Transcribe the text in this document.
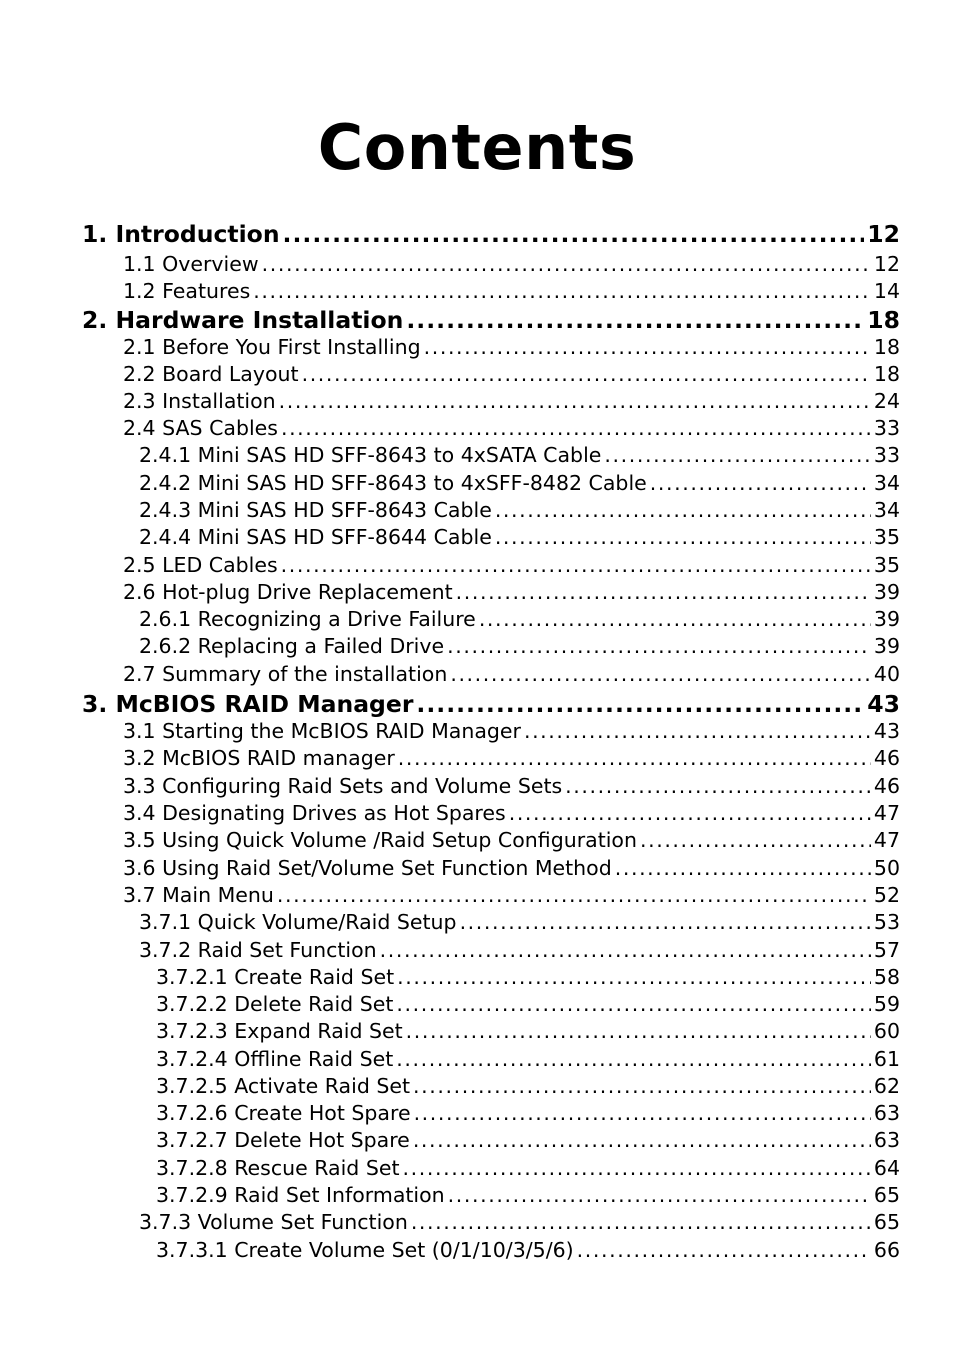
Contents
1. Introduction .....	12
1.1 Overview .....	12
1.2 Features .....	14
2. Hardware Installation .....	18
2.1 Before You First Installing .....	18
2.2 Board Layout .....	18
2.3 Installation .....	24
2.4 SAS Cables .....	33
2.4.1 Mini SAS HD SFF-8643 to 4xSATA Cable .....	33
2.4.2 Mini SAS HD SFF-8643 to 4xSFF-8482 Cable .....	34
2.4.3 Mini SAS HD SFF-8643 Cable .....	34
2.4.4 Mini SAS HD SFF-8644 Cable .....	35
2.5 LED Cables .....	35
2.6 Hot-plug Drive Replacement .....	39
2.6.1 Recognizing a Drive Failure .....	39
2.6.2 Replacing a Failed Drive .....	39
2.7 Summary of the installation .....	40
3. McBIOS RAID Manager .....	43
3.1 Starting the McBIOS RAID Manager .....	43
3.2 McBIOS RAID manager .....	46
3.3 Configuring Raid Sets and Volume Sets .....	46
3.4 Designating Drives as Hot Spares .....	47
3.5 Using Quick Volume /Raid Setup Configuration .....	47
3.6 Using Raid Set/Volume Set Function Method .....	50
3.7 Main Menu .....	52
3.7.1 Quick Volume/Raid Setup .....	53
3.7.2 Raid Set Function .....	57
3.7.2.1 Create Raid Set .....	58
3.7.2.2 Delete Raid Set .....	59
3.7.2.3 Expand Raid Set .....	60
3.7.2.4 Offline Raid Set .....	61
3.7.2.5 Activate Raid Set .....	62
3.7.2.6 Create Hot Spare .....	63
3.7.2.7 Delete Hot Spare .....	63
3.7.2.8 Rescue Raid Set .....	64
3.7.2.9 Raid Set Information .....	65
3.7.3 Volume Set Function .....	65
3.7.3.1 Create Volume Set (0/1/10/3/5/6) .....	66
